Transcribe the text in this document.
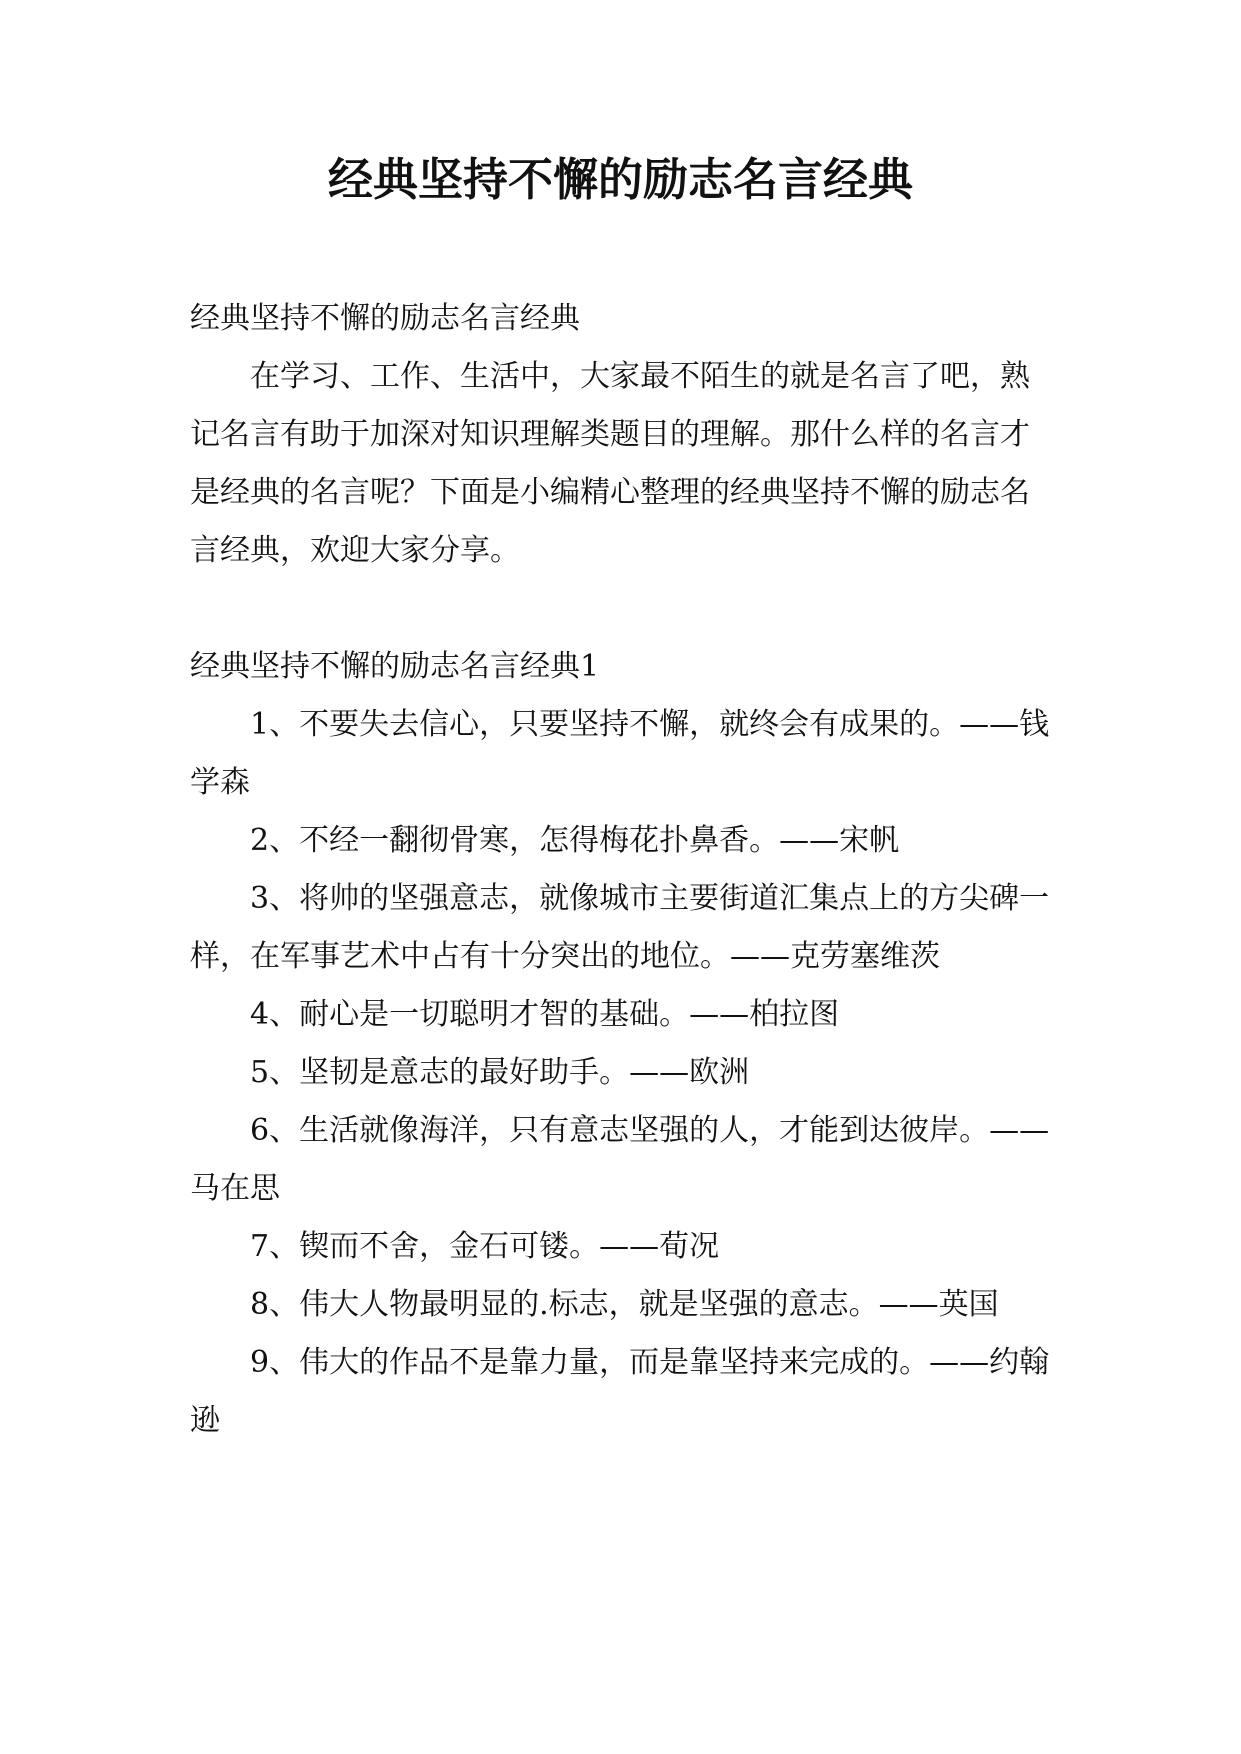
经典坚持不懈的励志名言经典

经典坚持不懈的励志名言经典

在学习、工作、生活中，大家最不陌生的就是名言了吧，熟记名言有助于加深对知识理解类题目的理解。那什么样的名言才是经典的名言呢？下面是小编精心整理的经典坚持不懈的励志名言经典，欢迎大家分享。

经典坚持不懈的励志名言经典1

1、不要失去信心，只要坚持不懈，就终会有成果的。——钱学森

2、不经一翻彻骨寒，怎得梅花扑鼻香。——宋帆

3、将帅的坚强意志，就像城市主要街道汇集点上的方尖碑一样，在军事艺术中占有十分突出的地位。——克劳塞维茨

4、耐心是一切聪明才智的基础。——柏拉图

5、坚韧是意志的最好助手。——欧洲

6、生活就像海洋，只有意志坚强的人，才能到达彼岸。——马在思

7、锲而不舍，金石可镂。——荀况

8、伟大人物最明显的.标志，就是坚强的意志。——英国

9、伟大的作品不是靠力量，而是靠坚持来完成的。——约翰逊
